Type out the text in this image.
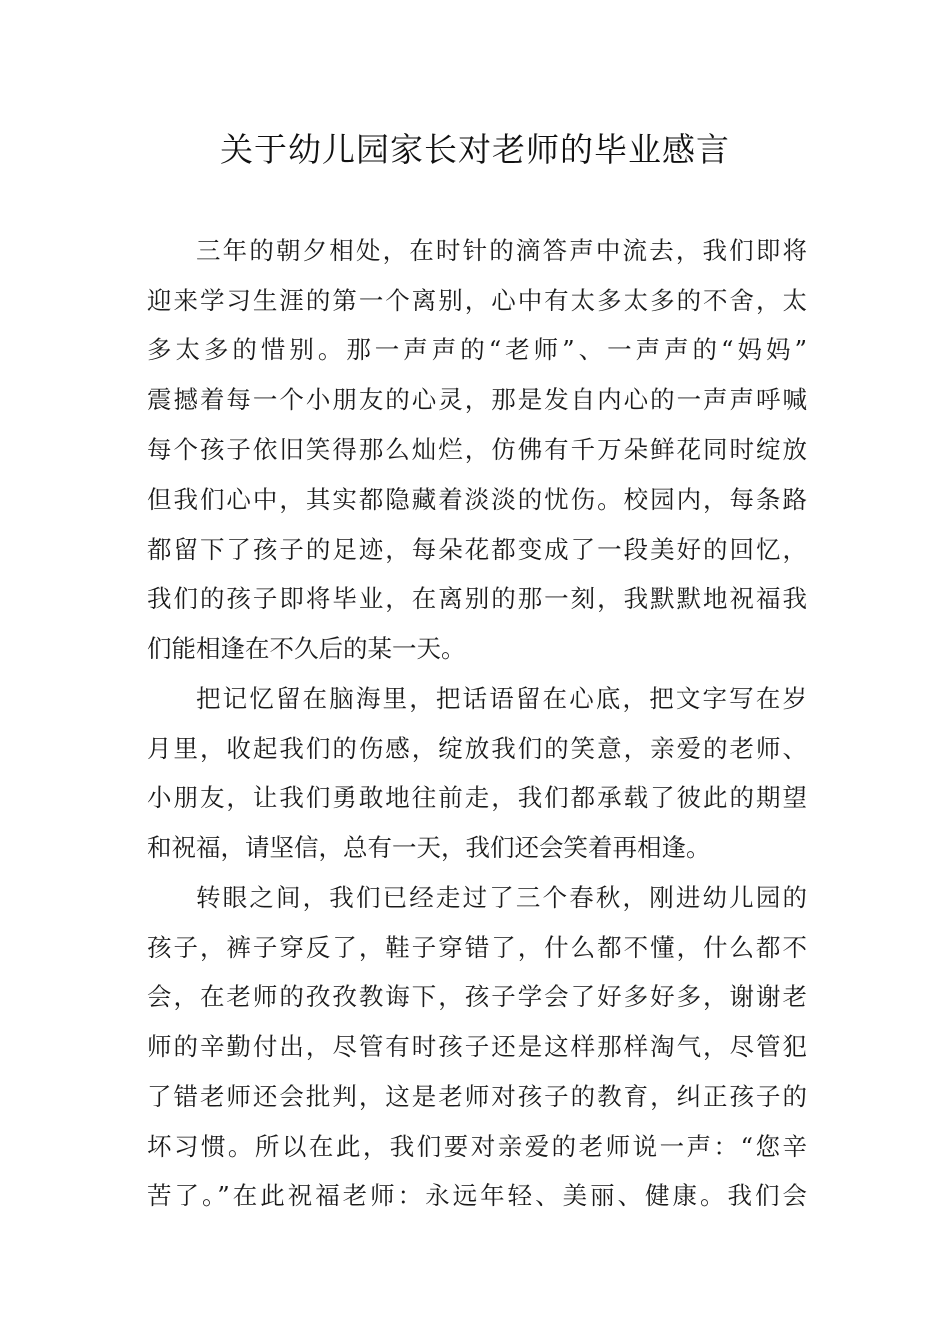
关于幼儿园家长对老师的毕业感言
三年的朝夕相处，在时针的滴答声中流去，我们即将
迎来学习生涯的第一个离别，心中有太多太多的不舍，太
多太多的惜别。那一声声的“老师”、一声声的“妈妈”
震撼着每一个小朋友的心灵，那是发自内心的一声声呼喊
每个孩子依旧笑得那么灿烂，仿佛有千万朵鲜花同时绽放
但我们心中，其实都隐藏着淡淡的忧伤。校园内，每条路
都留下了孩子的足迹，每朵花都变成了一段美好的回忆，
我们的孩子即将毕业，在离别的那一刻，我默默地祝福我
们能相逢在不久后的某一天。
把记忆留在脑海里，把话语留在心底，把文字写在岁
月里，收起我们的伤感，绽放我们的笑意，亲爱的老师、
小朋友，让我们勇敢地往前走，我们都承载了彼此的期望
和祝福，请坚信，总有一天，我们还会笑着再相逢。
转眼之间，我们已经走过了三个春秋，刚进幼儿园的
孩子，裤子穿反了，鞋子穿错了，什么都不懂，什么都不
会，在老师的孜孜教诲下，孩子学会了好多好多，谢谢老
师的辛勤付出，尽管有时孩子还是这样那样淘气，尽管犯
了错老师还会批判，这是老师对孩子的教育，纠正孩子的
坏习惯。所以在此，我们要对亲爱的老师说一声：“您辛
苦了。”在此祝福老师：永远年轻、美丽、健康。我们会
